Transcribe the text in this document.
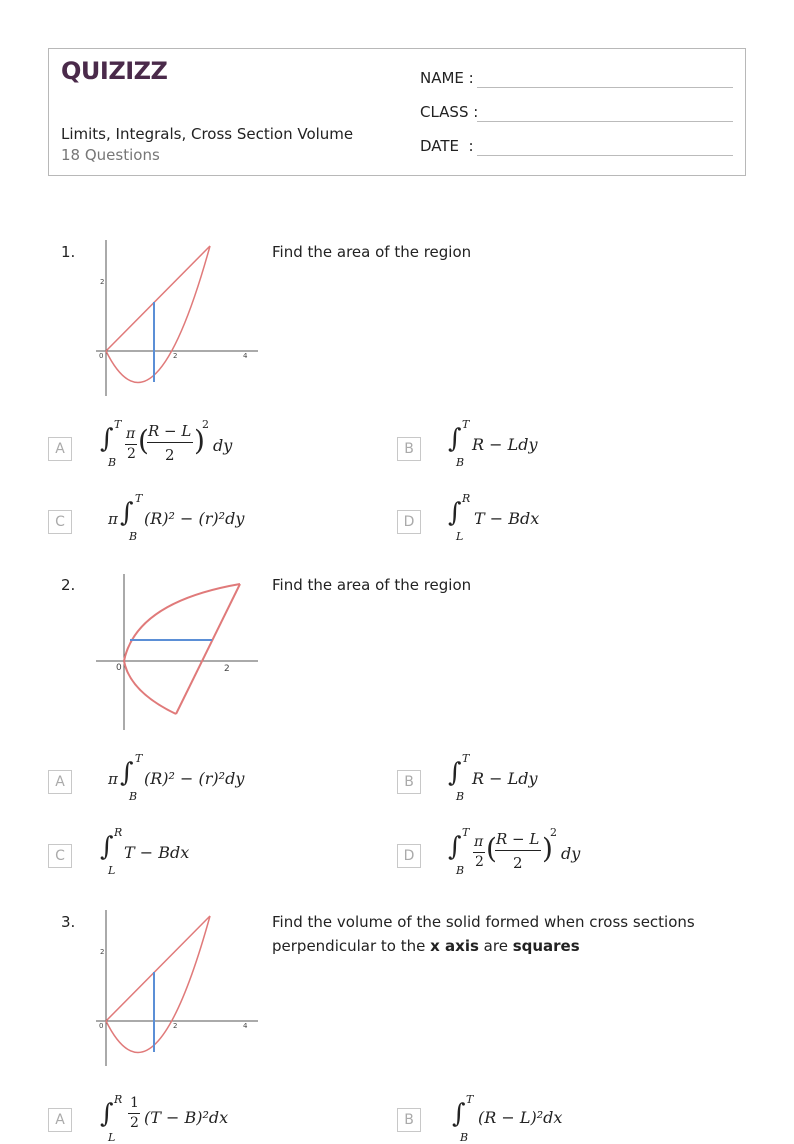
QUIZIZZ
Limits, Integrals, Cross Section Volume
18 Questions
NAME :
CLASS :
DATE  :
1.
2
0	2	4
Find the area of the region
A ∫ T
B
π
2 ( R − L
2 )
2
dy	B ∫ T
B
R − Ldy
C	π ∫ T
B
(R)² − (r)²dy	D ∫ R
L
T − Bdx
2.
0	2
Find the area of the region
A	π ∫ T
B
(R)² − (r)²dy	B ∫ T
B
R − Ldy
C ∫ R
L
T − Bdx	D ∫ T
B
π
2 ( R − L
2 )
2
dy
3.
2
0	2	4
Find the volume of the solid formed when cross sections perpendicular to the x axis are squares
A ∫ R
L
1
2 (T − B)²dx	B ∫ T
B
(R − L)²dx
